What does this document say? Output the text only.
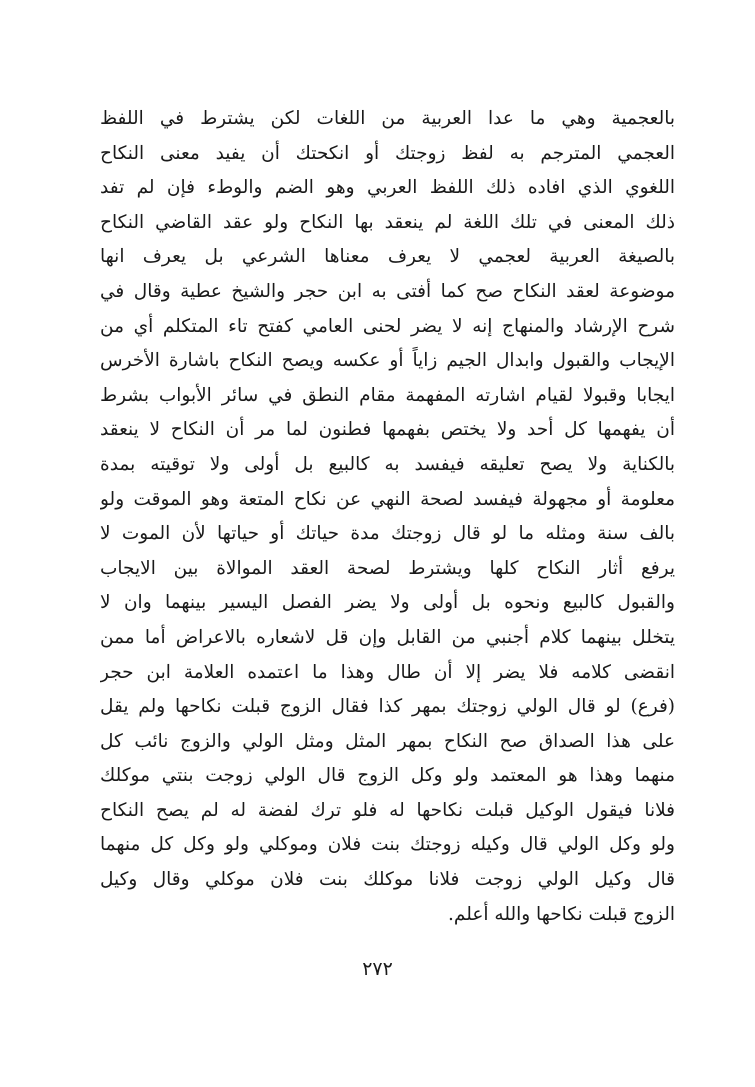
بالعجمية وهي ما عدا العربية من اللغات لكن يشترط في اللفظ
العجمي المترجم به لفظ زوجتك أو انكحتك أن يفيد معنى النكاح
اللغوي الذي افاده ذلك اللفظ العربي وهو الضم والوطء فإن لم تفد
ذلك المعنى في تلك اللغة لم ينعقد بها النكاح ولو عقد القاضي النكاح
بالصيغة العربية لعجمي لا يعرف معناها الشرعي بل يعرف انها
موضوعة لعقد النكاح صح كما أفتى به ابن حجر والشيخ عطية وقال في
شرح الإرشاد والمنهاج إنه لا يضر لحنى العامي كفتح تاء المتكلم أي من
الإيجاب والقبول وابدال الجيم زاياً أو عكسه ويصح النكاح باشارة الأخرس
ايجابا وقبولا لقيام اشارته المفهمة مقام النطق في سائر الأبواب بشرط
أن يفهمها كل أحد ولا يختص بفهمها فطنون لما مر أن النكاح لا ينعقد
بالكناية ولا يصح تعليقه فيفسد به كالبيع بل أولى ولا توقيته بمدة
معلومة أو مجهولة فيفسد لصحة النهي عن نكاح المتعة وهو الموقت ولو
بالف سنة ومثله ما لو قال زوجتك مدة حياتك أو حياتها لأن الموت لا
يرفع أثار النكاح كلها ويشترط لصحة العقد الموالاة بين الايجاب
والقبول كالبيع ونحوه بل أولى ولا يضر الفصل اليسير بينهما وان لا
يتخلل بينهما كلام أجنبي من القابل وإن قل لاشعاره بالاعراض أما ممن
انقضى كلامه فلا يضر إلا أن طال وهذا ما اعتمده العلامة ابن حجر
(فرع) لو قال الولي زوجتك بمهر كذا فقال الزوج قبلت نكاحها ولم يقل
على هذا الصداق صح النكاح بمهر المثل ومثل الولي والزوج نائب كل
منهما وهذا هو المعتمد ولو وكل الزوج قال الولي زوجت بنتي موكلك
فلانا فيقول الوكيل قبلت نكاحها له فلو ترك لفضة له لم يصح النكاح
ولو وكل الولي قال وكيله زوجتك بنت فلان وموكلي ولو وكل كل منهما
قال وكيل الولي زوجت فلانا موكلك بنت فلان موكلي وقال وكيل
الزوج قبلت نكاحها والله أعلم.
٢٧٢
